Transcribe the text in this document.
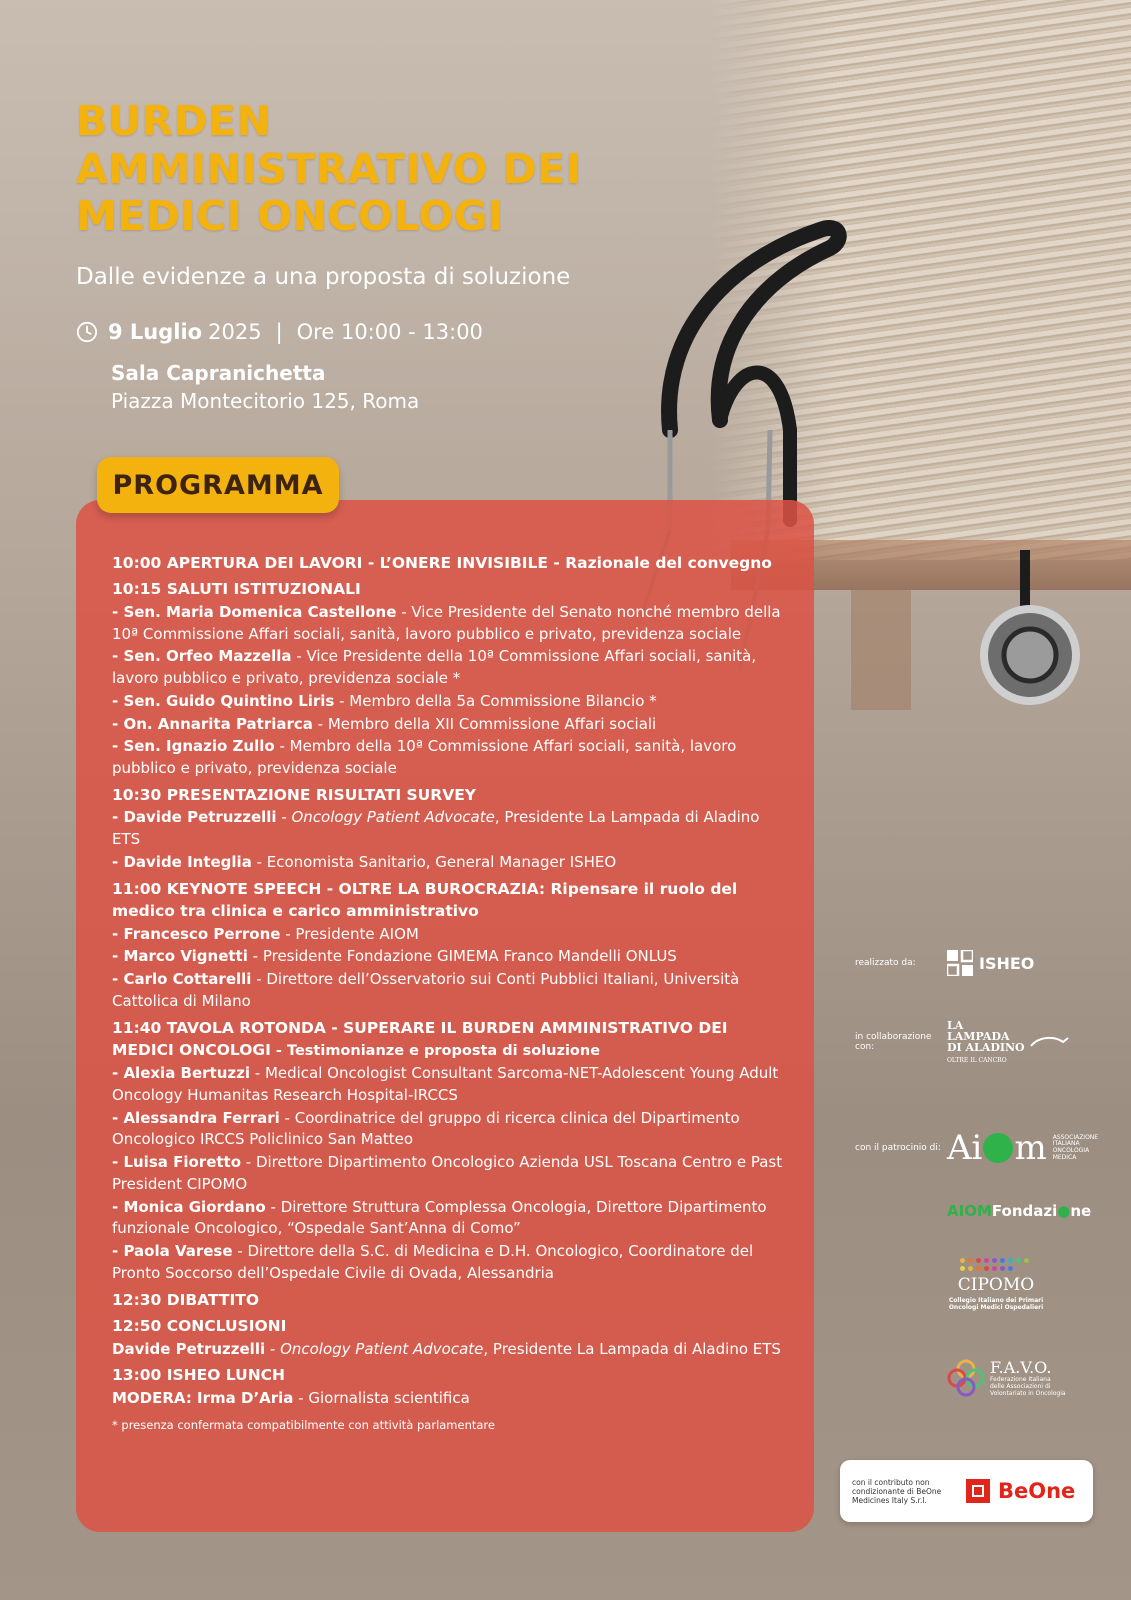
BURDEN
AMMINISTRATIVO DEI
MEDICI ONCOLOGI
Dalle evidenze a una proposta di soluzione
9 Luglio 2025 | Ore 10:00 - 13:00
Sala Capranichetta
Piazza Montecitorio 125, Roma
PROGRAMMA
10:00 APERTURA DEI LAVORI - L’ONERE INVISIBILE - Razionale del convegno
10:15 SALUTI ISTITUZIONALI
- Sen. Maria Domenica Castellone - Vice Presidente del Senato nonché membro della 10ª Commissione Affari sociali, sanità, lavoro pubblico e privato, previdenza sociale
- Sen. Orfeo Mazzella - Vice Presidente della 10ª Commissione Affari sociali, sanità, lavoro pubblico e privato, previdenza sociale *
- Sen. Guido Quintino Liris - Membro della 5a Commissione Bilancio *
- On. Annarita Patriarca - Membro della XII Commissione Affari sociali
- Sen. Ignazio Zullo - Membro della 10ª Commissione Affari sociali, sanità, lavoro pubblico e privato, previdenza sociale
10:30 PRESENTAZIONE RISULTATI SURVEY
- Davide Petruzzelli - Oncology Patient Advocate, Presidente La Lampada di Aladino ETS
- Davide Integlia - Economista Sanitario, General Manager ISHEO
11:00 KEYNOTE SPEECH - OLTRE LA BUROCRAZIA: Ripensare il ruolo del medico tra clinica e carico amministrativo
- Francesco Perrone - Presidente AIOM
- Marco Vignetti - Presidente Fondazione GIMEMA Franco Mandelli ONLUS
- Carlo Cottarelli - Direttore dell’Osservatorio sui Conti Pubblici Italiani, Università Cattolica di Milano
11:40 TAVOLA ROTONDA - SUPERARE IL BURDEN AMMINISTRATIVO DEI MEDICI ONCOLOGI - Testimonianze e proposta di soluzione
- Alexia Bertuzzi - Medical Oncologist Consultant Sarcoma-NET-Adolescent Young Adult Oncology Humanitas Research Hospital-IRCCS
- Alessandra Ferrari - Coordinatrice del gruppo di ricerca clinica del Dipartimento Oncologico IRCCS Policlinico San Matteo
- Luisa Fioretto - Direttore Dipartimento Oncologico Azienda USL Toscana Centro e Past President CIPOMO
- Monica Giordano - Direttore Struttura Complessa Oncologia, Direttore Dipartimento funzionale Oncologico, “Ospedale Sant’Anna di Como”
- Paola Varese - Direttore della S.C. di Medicina e D.H. Oncologico, Coordinatore del Pronto Soccorso dell’Ospedale Civile di Ovada, Alessandria
12:30 DIBATTITO
12:50 CONCLUSIONI
Davide Petruzzelli - Oncology Patient Advocate, Presidente La Lampada di Aladino ETS
13:00 ISHEO LUNCH
MODERA: Irma D’Aria - Giornalista scientifica
* presenza confermata compatibilmente con attività parlamentare
realizzato da:	ISHEO
in collaborazione con:
LA
LAMPADA
DI ALADINO
OLTRE IL CANCRO
con il patrocinio di: Ai m ASSOCIAZIONE ITALIANA ONCOLOGIA MEDICA
AIOMFondazi●ne
CIPOMO
Collegio Italiano dei Primari Oncologi Medici Ospedalieri
F.A.V.O.
Federazione Italiana delle Associazioni di Volontariato in Oncologia
con il contributo non condizionante di BeOne Medicines Italy S.r.l.	BeOne
